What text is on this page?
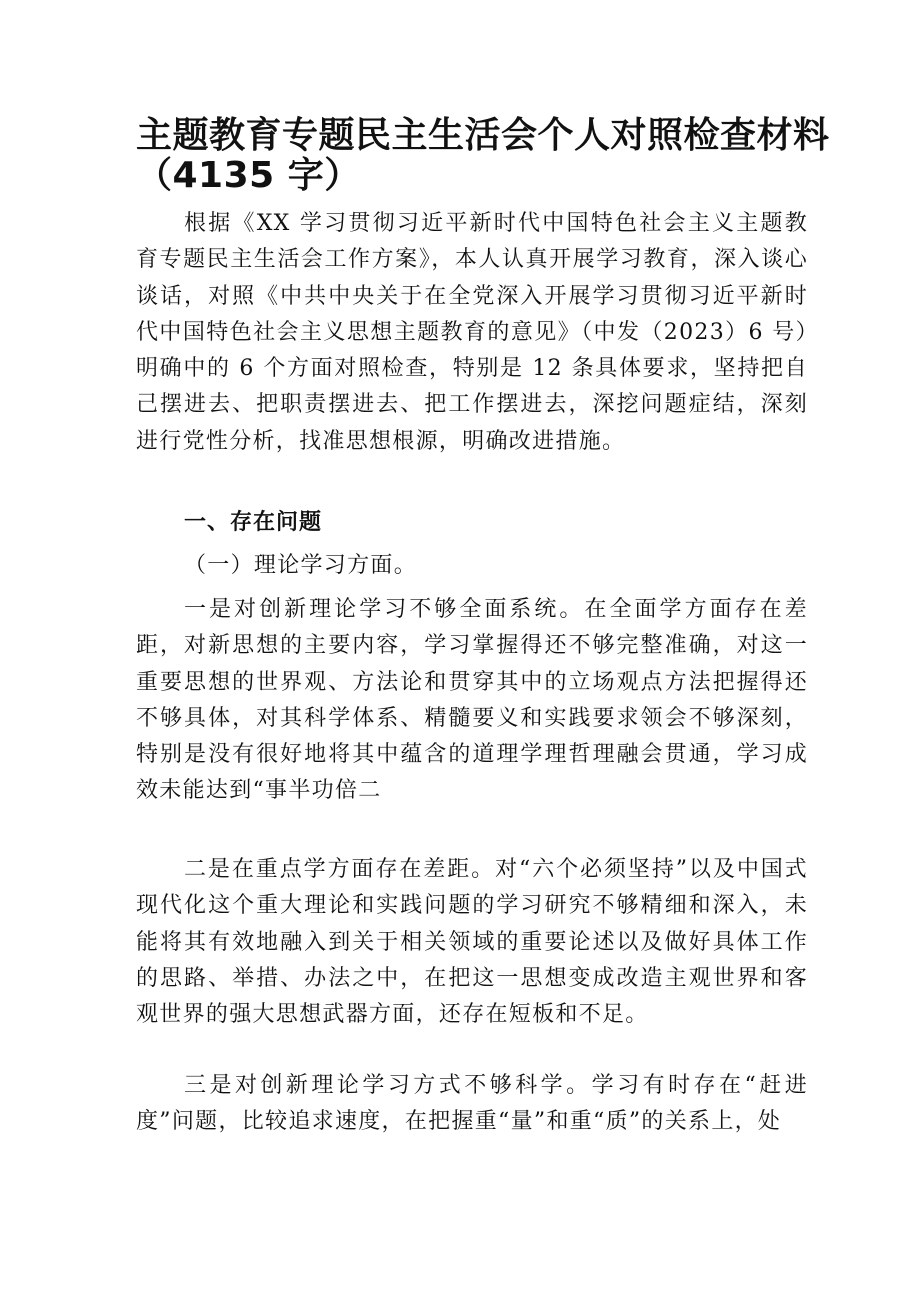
主题教育专题民主生活会个人对照检查材料
（4135 字）

根据《XX 学习贯彻习近平新时代中国特色社会主义主题教育专题民主生活会工作方案》，本人认真开展学习教育，深入谈心谈话，对照《中共中央关于在全党深入开展学习贯彻习近平新时代中国特色社会主义思想主题教育的意见》（中发（2023）6 号）明确中的 6 个方面对照检查，特别是 12 条具体要求，坚持把自己摆进去、把职责摆进去、把工作摆进去，深挖问题症结，深刻进行党性分析，找准思想根源，明确改进措施。

一、存在问题
（一）理论学习方面。

一是对创新理论学习不够全面系统。在全面学方面存在差距，对新思想的主要内容，学习掌握得还不够完整准确，对这一重要思想的世界观、方法论和贯穿其中的立场观点方法把握得还不够具体，对其科学体系、精髓要义和实践要求领会不够深刻，特别是没有很好地将其中蕴含的道理学理哲理融会贯通，学习成效未能达到“事半功倍二

二是在重点学方面存在差距。对“六个必须坚持”以及中国式现代化这个重大理论和实践问题的学习研究不够精细和深入，未能将其有效地融入到关于相关领域的重要论述以及做好具体工作的思路、举措、办法之中，在把这一思想变成改造主观世界和客观世界的强大思想武器方面，还存在短板和不足。

三是对创新理论学习方式不够科学。学习有时存在“赶进度”问题，比较追求速度，在把握重“量”和重“质”的关系上，处
